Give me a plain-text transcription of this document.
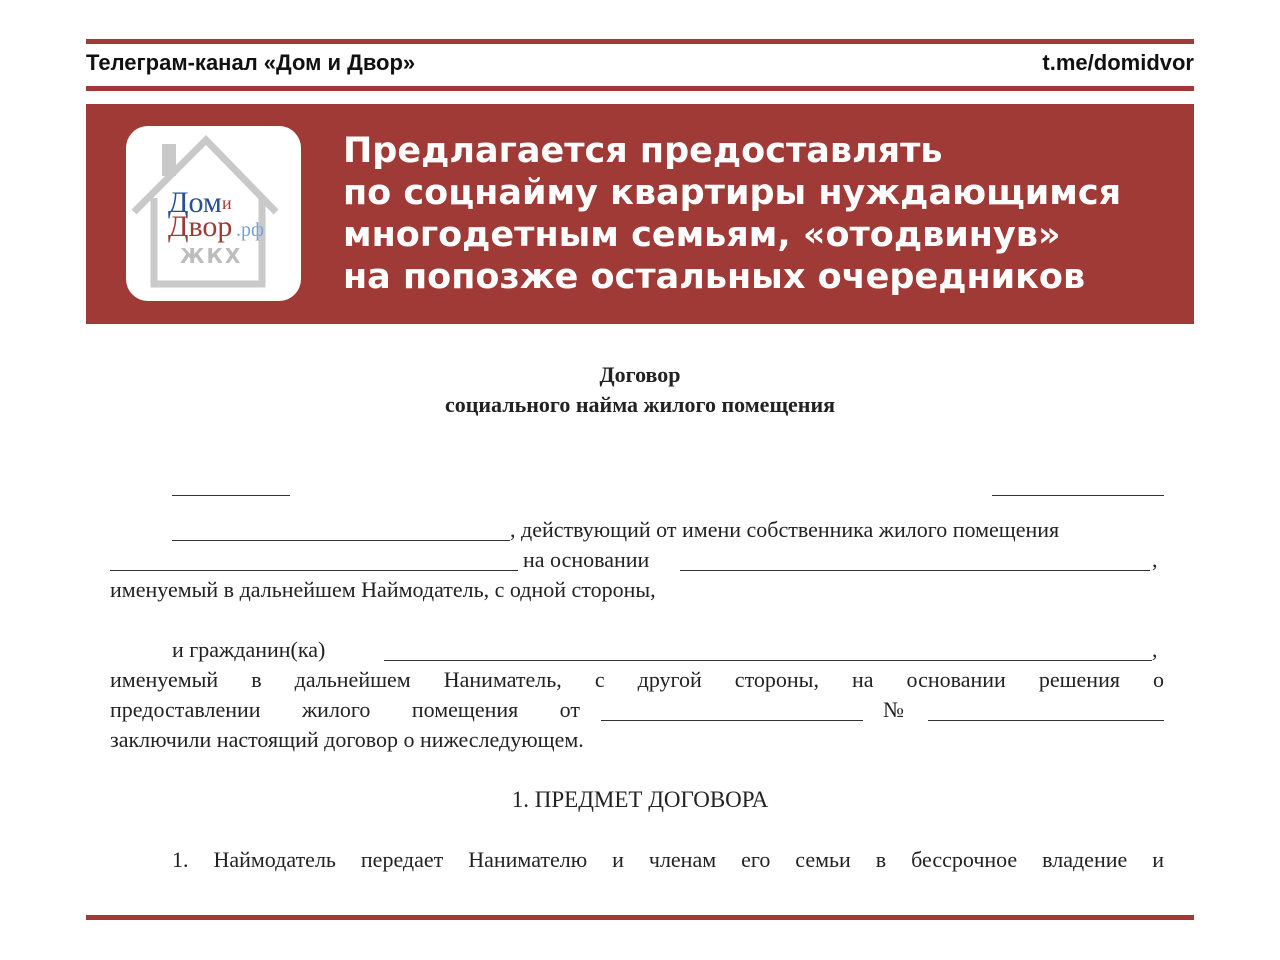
Телеграм-канал «Дом и Двор»	t.me/domidvor
Дом и
Двор .рф
ЖКХ
Предлагается предоставлять
по соцнайму квартиры нуждающимся
многодетным семьям, «отодвинув»
на попозже остальных очередников
Договор
социального найма жилого помещения
, действующий от имени собственника жилого помещения
на основании	,
именуемый в дальнейшем Наймодатель, с одной стороны,
и гражданин(ка)	,
именуемый в дальнейшем Наниматель, с другой стороны, на основании решения о
предоставлении жилого помещения от	№
заключили настоящий договор о нижеследующем.
1. ПРЕДМЕТ ДОГОВОРА
1. Наймодатель передает Нанимателю и членам его семьи в бессрочное владение и
